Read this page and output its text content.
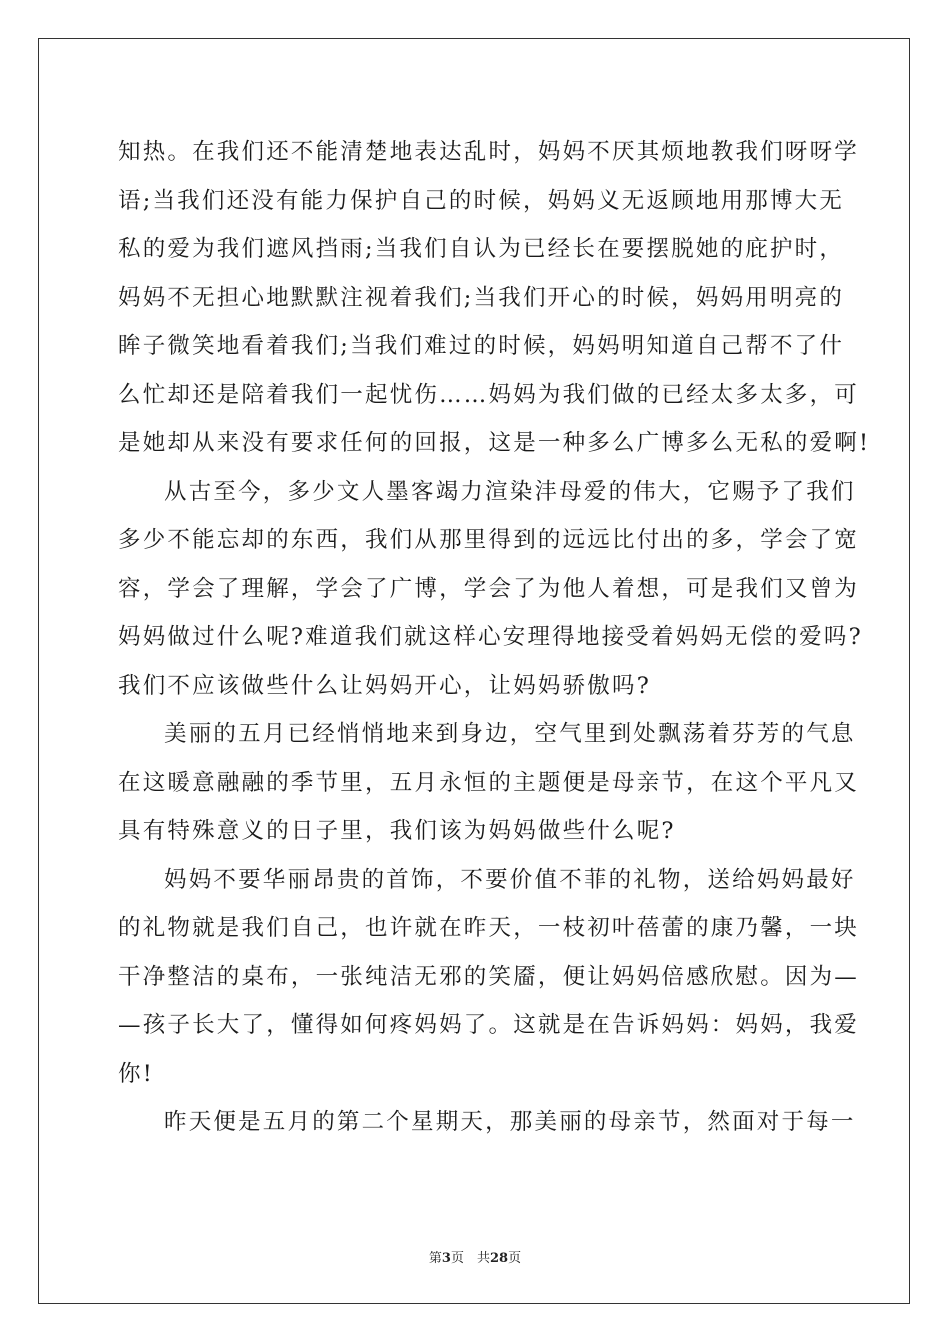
知热。在我们还不能清楚地表达乱时，妈妈不厌其烦地教我们呀呀学
语;当我们还没有能力保护自己的时候，妈妈义无返顾地用那博大无
私的爱为我们遮风挡雨;当我们自认为已经长在要摆脱她的庇护时，
妈妈不无担心地默默注视着我们;当我们开心的时候，妈妈用明亮的
眸子微笑地看着我们;当我们难过的时候，妈妈明知道自己帮不了什
么忙却还是陪着我们一起忧伤……妈妈为我们做的已经太多太多，可
是她却从来没有要求任何的回报，这是一种多么广博多么无私的爱啊!
从古至今，多少文人墨客竭力渲染沣母爱的伟大，它赐予了我们
多少不能忘却的东西，我们从那里得到的远远比付出的多，学会了宽
容，学会了理解，学会了广博，学会了为他人着想，可是我们又曾为
妈妈做过什么呢?难道我们就这样心安理得地接受着妈妈无偿的爱吗?
我们不应该做些什么让妈妈开心，让妈妈骄傲吗?
美丽的五月已经悄悄地来到身边，空气里到处飘荡着芬芳的气息
在这暖意融融的季节里，五月永恒的主题便是母亲节，在这个平凡又
具有特殊意义的日子里，我们该为妈妈做些什么呢?
妈妈不要华丽昂贵的首饰，不要价值不菲的礼物，送给妈妈最好
的礼物就是我们自己，也许就在昨天，一枝初叶蓓蕾的康乃馨，一块
干净整洁的桌布，一张纯洁无邪的笑靥，便让妈妈倍感欣慰。因为—
—孩子长大了，懂得如何疼妈妈了。这就是在告诉妈妈：妈妈，我爱
你!
昨天便是五月的第二个星期天，那美丽的母亲节，然面对于每一
第3页　共28页
